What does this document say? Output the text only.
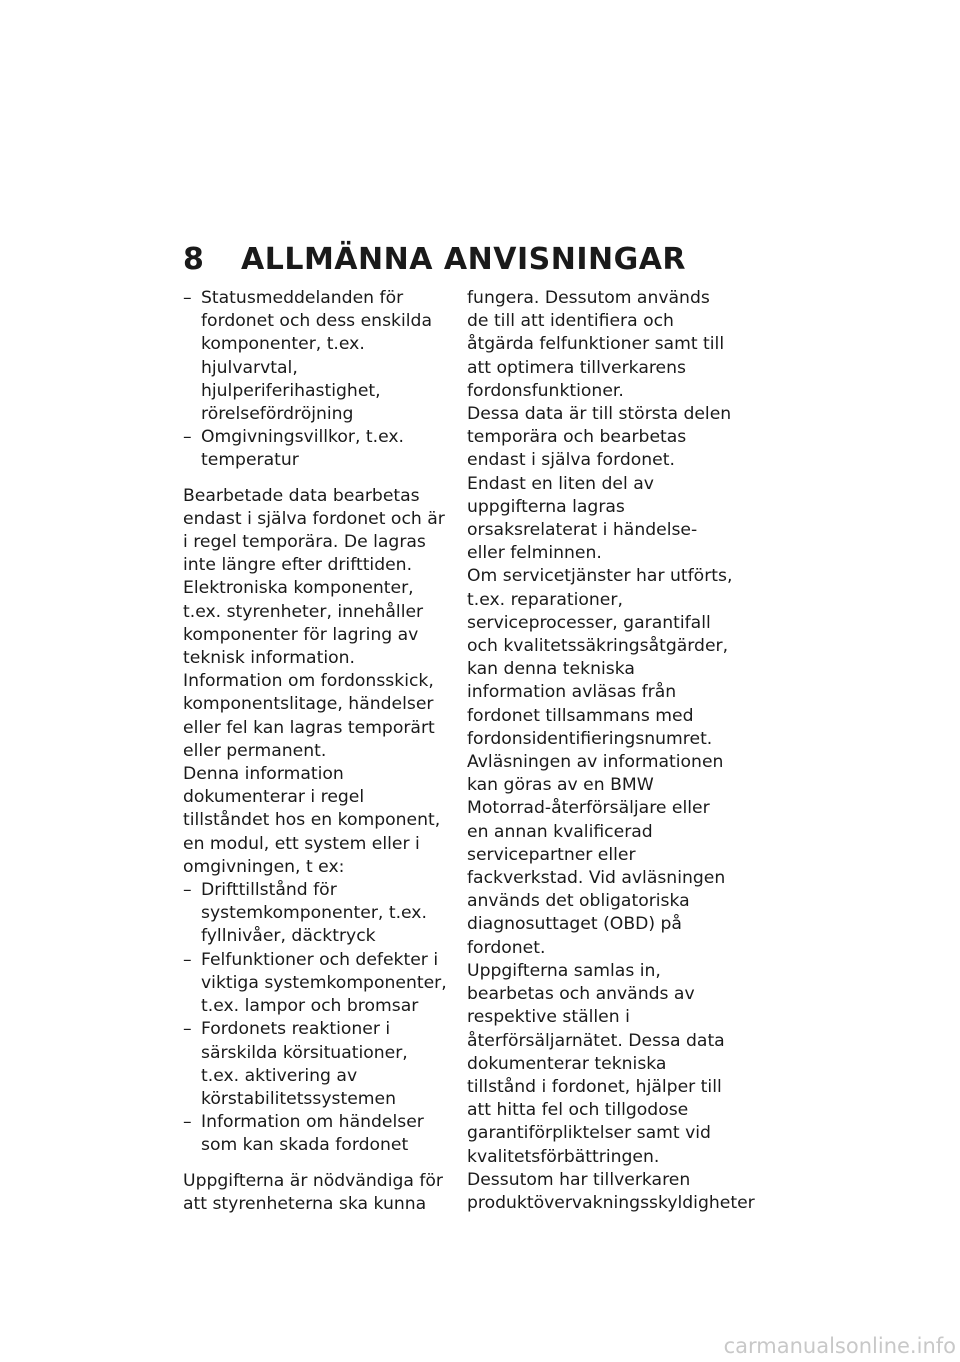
8 ALLMÄNNA ANVISNINGAR
– Statusmeddelanden för fordonet och dess enskilda komponenter, t.ex. hjulvarvtal, hjulperiferihastighet, rörelsefördröjning
– Omgivningsvillkor, t.ex. temperatur

Bearbetade data bearbetas endast i själva fordonet och är i regel temporära. De lagras inte längre efter drifttiden.

Elektroniska komponenter, t.ex. styrenheter, innehåller komponenter för lagring av teknisk information. Information om fordonsskick, komponentslitage, händelser eller fel kan lagras temporärt eller permanent.

Denna information dokumenterar i regel tillståndet hos en komponent, en modul, ett system eller i omgivningen, t ex:

– Drifttillstånd för systemkomponenter, t.ex. fyllnivåer, däcktryck
– Felfunktioner och defekter i viktiga systemkomponenter, t.ex. lampor och bromsar
– Fordonets reaktioner i särskilda körsituationer, t.ex. aktivering av körstabilitetssystemen
– Information om händelser som kan skada fordonet

Uppgifterna är nödvändiga för att styrenheterna ska kunna

fungera. Dessutom används de till att identifiera och åtgärda felfunktioner samt till att optimera tillverkarens fordonsfunktioner.

Dessa data är till största delen temporära och bearbetas endast i själva fordonet. Endast en liten del av uppgifterna lagras orsaksrelaterat i händelse- eller felminnen.

Om servicetjänster har utförts, t.ex. reparationer, serviceprocesser, garantifall och kvalitetssäkringsåtgärder, kan denna tekniska information avläsas från fordonet tillsammans med fordonsidentifieringsnumret.

Avläsningen av informationen kan göras av en BMW Motorrad-återförsäljare eller en annan kvalificerad servicepartner eller fackverkstad. Vid avläsningen används det obligatoriska diagnosuttaget (OBD) på fordonet.

Uppgifterna samlas in, bearbetas och används av respektive ställen i återförsäljarnätet. Dessa data dokumenterar tekniska tillstånd i fordonet, hjälper till att hitta fel och tillgodose garantiförpliktelser samt vid kvalitetsförbättringen.

Dessutom har tillverkaren produktövervakningsskyldigheter

carmanualsonline.info
